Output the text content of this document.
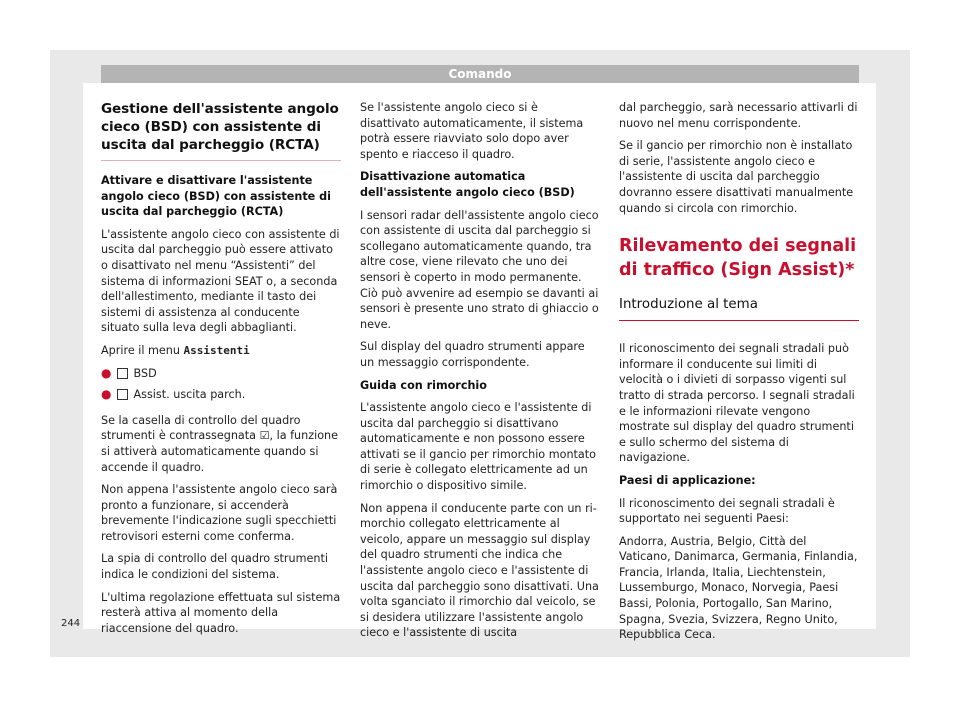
Comando
Gestione dell'assistente angolo cieco (BSD) con assistente di uscita dal parcheggio (RCTA)

Attivare e disattivare l'assistente angolo cieco (BSD) con assistente di uscita dal parcheggio (RCTA)

L'assistente angolo cieco con assistente di uscita dal parcheggio può essere attivato o disattivato nel menu “Assistenti” del sistema di informazioni SEAT o, a seconda dell'allestimento, mediante il tasto dei sistemi di assistenza al conducente situato sulla leva degli abbaglianti.

Aprire il menu Assistenti

● BSD
● Assist. uscita parch.

Se la casella di controllo del quadro strumenti è contrassegnata ☑, la funzione si attiverà automaticamente quando si accende il quadro.

Non appena l'assistente angolo cieco sarà pronto a funzionare, si accenderà brevemente l'indicazione sugli specchietti retrovisori esterni come conferma.

La spia di controllo del quadro strumenti indica le condizioni del sistema.

L'ultima regolazione effettuata sul sistema resterà attiva al momento della riaccensione del quadro.

Se l'assistente angolo cieco si è disattivato automaticamente, il sistema potrà essere riavviato solo dopo aver spento e riacceso il quadro.

Disattivazione automatica dell'assistente angolo cieco (BSD)

I sensori radar dell'assistente angolo cieco con assistente di uscita dal parcheggio si scollegano automaticamente quando, tra altre cose, viene rilevato che uno dei sensori è coperto in modo permanente. Ciò può avvenire ad esempio se davanti ai sensori è presente uno strato di ghiaccio o neve.

Sul display del quadro strumenti appare un messaggio corrispondente.

Guida con rimorchio

L'assistente angolo cieco e l'assistente di uscita dal parcheggio si disattivano automaticamente e non possono essere attivati se il gancio per rimorchio montato di serie è collegato elettricamente ad un rimorchio o dispositivo simile.

Non appena il conducente parte con un rimorchio collegato elettricamente al veicolo, appare un messaggio sul display del quadro strumenti che indica che l'assistente angolo cieco e l'assistente di uscita dal parcheggio sono disattivati. Una volta sganciato il rimorchio dal veicolo, se si desidera utilizzare l'assistente angolo cieco e l'assistente di uscita

dal parcheggio, sarà necessario attivarli di nuovo nel menu corrispondente.

Se il gancio per rimorchio non è installato di serie, l'assistente angolo cieco e l'assistente di uscita dal parcheggio dovranno essere disattivati manualmente quando si circola con rimorchio.

Rilevamento dei segnali di traffico (Sign Assist)*
Introduzione al tema

Il riconoscimento dei segnali stradali può informare il conducente sui limiti di velocità o i divieti di sorpasso vigenti sul tratto di strada percorso. I segnali stradali e le informazioni rilevate vengono mostrate sul display del quadro strumenti e sullo schermo del sistema di navigazione.

Paesi di applicazione:

Il riconoscimento dei segnali stradali è supportato nei seguenti Paesi:

Andorra, Austria, Belgio, Città del Vaticano, Danimarca, Germania, Finlandia, Francia, Irlanda, Italia, Liechtenstein, Lussemburgo, Monaco, Norvegia, Paesi Bassi, Polonia, Portogallo, San Marino, Spagna, Svezia, Svizzera, Regno Unito, Repubblica Ceca.

244
